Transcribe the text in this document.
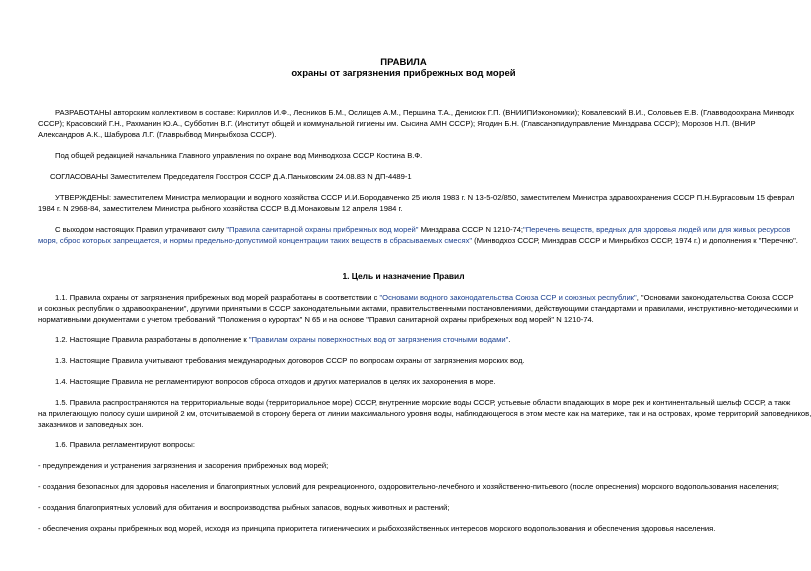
ПРАВИЛА
охраны от загрязнения прибрежных вод морей
РАЗРАБОТАНЫ авторским коллективом в составе: Кириллов И.Ф., Лесников Б.М., Ослищев А.М., Першина Т.А., Денисюк Г.П. (ВНИИПИэкономики); Ковалевский В.И., Соловьев Е.В. (Главводоохрана Минводх
СССР); Красовский Г.Н., Рахманин Ю.А., Субботин В.Г. (Институт общей и коммунальной гигиены им. Сысина АМН СССР); Ягодин Б.Н. (Главсанэпидуправление Минздрава СССР); Морозов Н.П. (ВНИР
Александров А.К., Шабурова Л.Г. (Главрыбвод Минрыбхоза СССР).
Под общей редакцией начальника Главного управления по охране вод Минводхоза СССР Костина В.Ф.
СОГЛАСОВАНЫ Заместителем Председателя Госстроя СССР Д.А.Паньковским 24.08.83 N ДП-4489-1
УТВЕРЖДЕНЫ: заместителем Министра мелиорации и водного хозяйства СССР И.И.Бородавченко 25 июля 1983 г. N 13-5-02/850, заместителем Министра здравоохранения СССР П.Н.Бургасовым 15 феврал
1984 г. N 2968-84, заместителем Министра рыбного хозяйства СССР В.Д.Монаковым 12 апреля 1984 г.
С выходом настоящих Правил утрачивают силу "Правила санитарной охраны прибрежных вод морей" Минздрава СССР N 1210-74;"Перечень веществ, вредных для здоровья людей или для живых ресурсов
моря, сброс которых запрещается, и нормы предельно-допустимой концентрации таких веществ в сбрасываемых смесях" (Минводхоз СССР, Минздрав СССР и Минрыбхоз СССР, 1974 г.) и дополнения к "Перечню".
1. Цель и назначение Правил
1.1. Правила охраны от загрязнения прибрежных вод морей разработаны в соответствии с "Основами водного законодательства Союза ССР и союзных республик", "Основами законодательства Союза СССР
и союзных республик о здравоохранении", другими принятыми в СССР законодательными актами, правительственными постановлениями, действующими стандартами и правилами, инструктивно-методическими и
нормативными документами с учетом требований "Положения о курортах" N 65 и на основе "Правил санитарной охраны прибрежных вод морей" N 1210-74.
1.2. Настоящие Правила разработаны в дополнение к "Правилам охраны поверхностных вод от загрязнения сточными водами".
1.3. Настоящие Правила учитывают требования международных договоров СССР по вопросам охраны от загрязнения морских вод.
1.4. Настоящие Правила не регламентируют вопросов сброса отходов и других материалов в целях их захоронения в море.
1.5. Правила распространяются на территориальные воды (территориальное море) СССР, внутренние морские воды СССР, устьевые области впадающих в море рек и континентальный шельф СССР, а такж
на прилегающую полосу суши шириной 2 км, отсчитываемой в сторону берега от линии максимального уровня воды, наблюдающегося в этом месте как на материке, так и на островах, кроме территорий заповедников,
заказников и заповедных зон.
1.6. Правила регламентируют вопросы:
- предупреждения и устранения загрязнения и засорения прибрежных вод морей;
- создания безопасных для здоровья населения и благоприятных условий для рекреационного, оздоровительно-лечебного и хозяйственно-питьевого (после опреснения) морского водопользования населения;
- создания благоприятных условий для обитания и воспроизводства рыбных запасов, водных животных и растений;
- обеспечения охраны прибрежных вод морей, исходя из принципа приоритета гигиенических и рыбохозяйственных интересов морского водопользования и обеспечения здоровья населения.
